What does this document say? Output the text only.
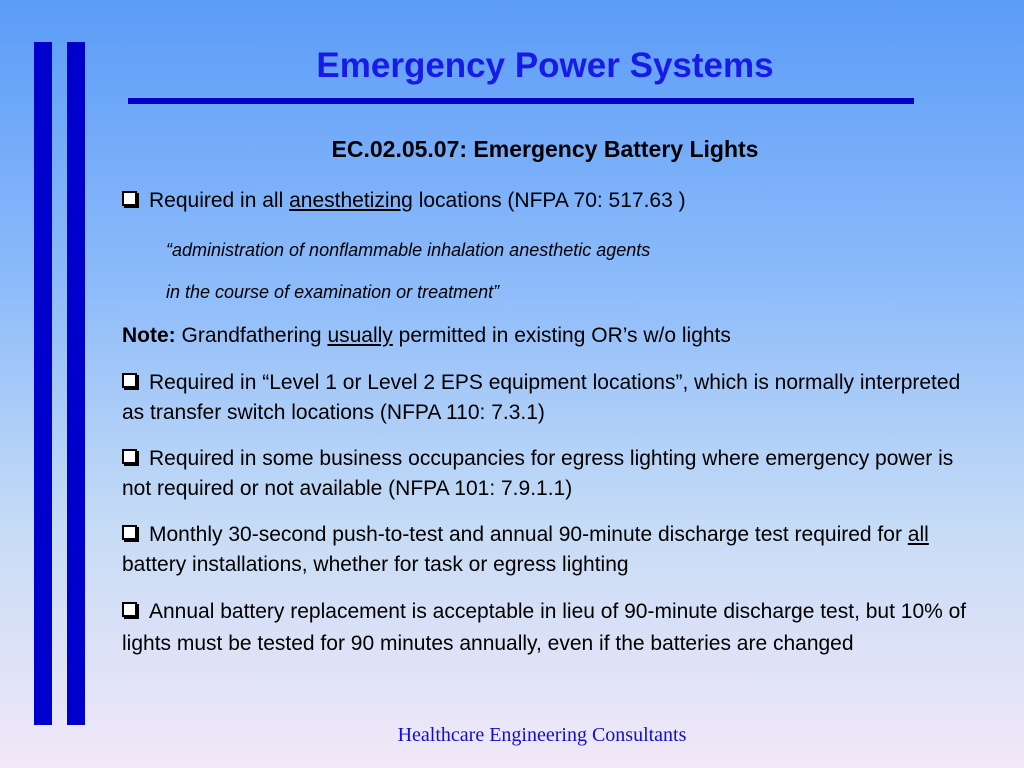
Emergency Power Systems
EC.02.05.07: Emergency Battery Lights
Required in all anesthetizing locations (NFPA 70: 517.63 )
“administration of nonflammable inhalation anesthetic agents
in the course of examination or treatment”
Note: Grandfathering usually permitted in existing OR’s w/o lights
Required in “Level 1 or Level 2 EPS equipment locations”, which is normally interpreted as transfer switch locations (NFPA 110: 7.3.1)
Required in some business occupancies for egress lighting where emergency power is not required or not available (NFPA 101: 7.9.1.1)
Monthly 30-second push-to-test and annual 90-minute discharge test required for all battery installations, whether for task or egress lighting
Annual battery replacement is acceptable in lieu of 90-minute discharge test, but 10% of lights must be tested for 90 minutes annually, even if the batteries are changed
Healthcare Engineering Consultants
